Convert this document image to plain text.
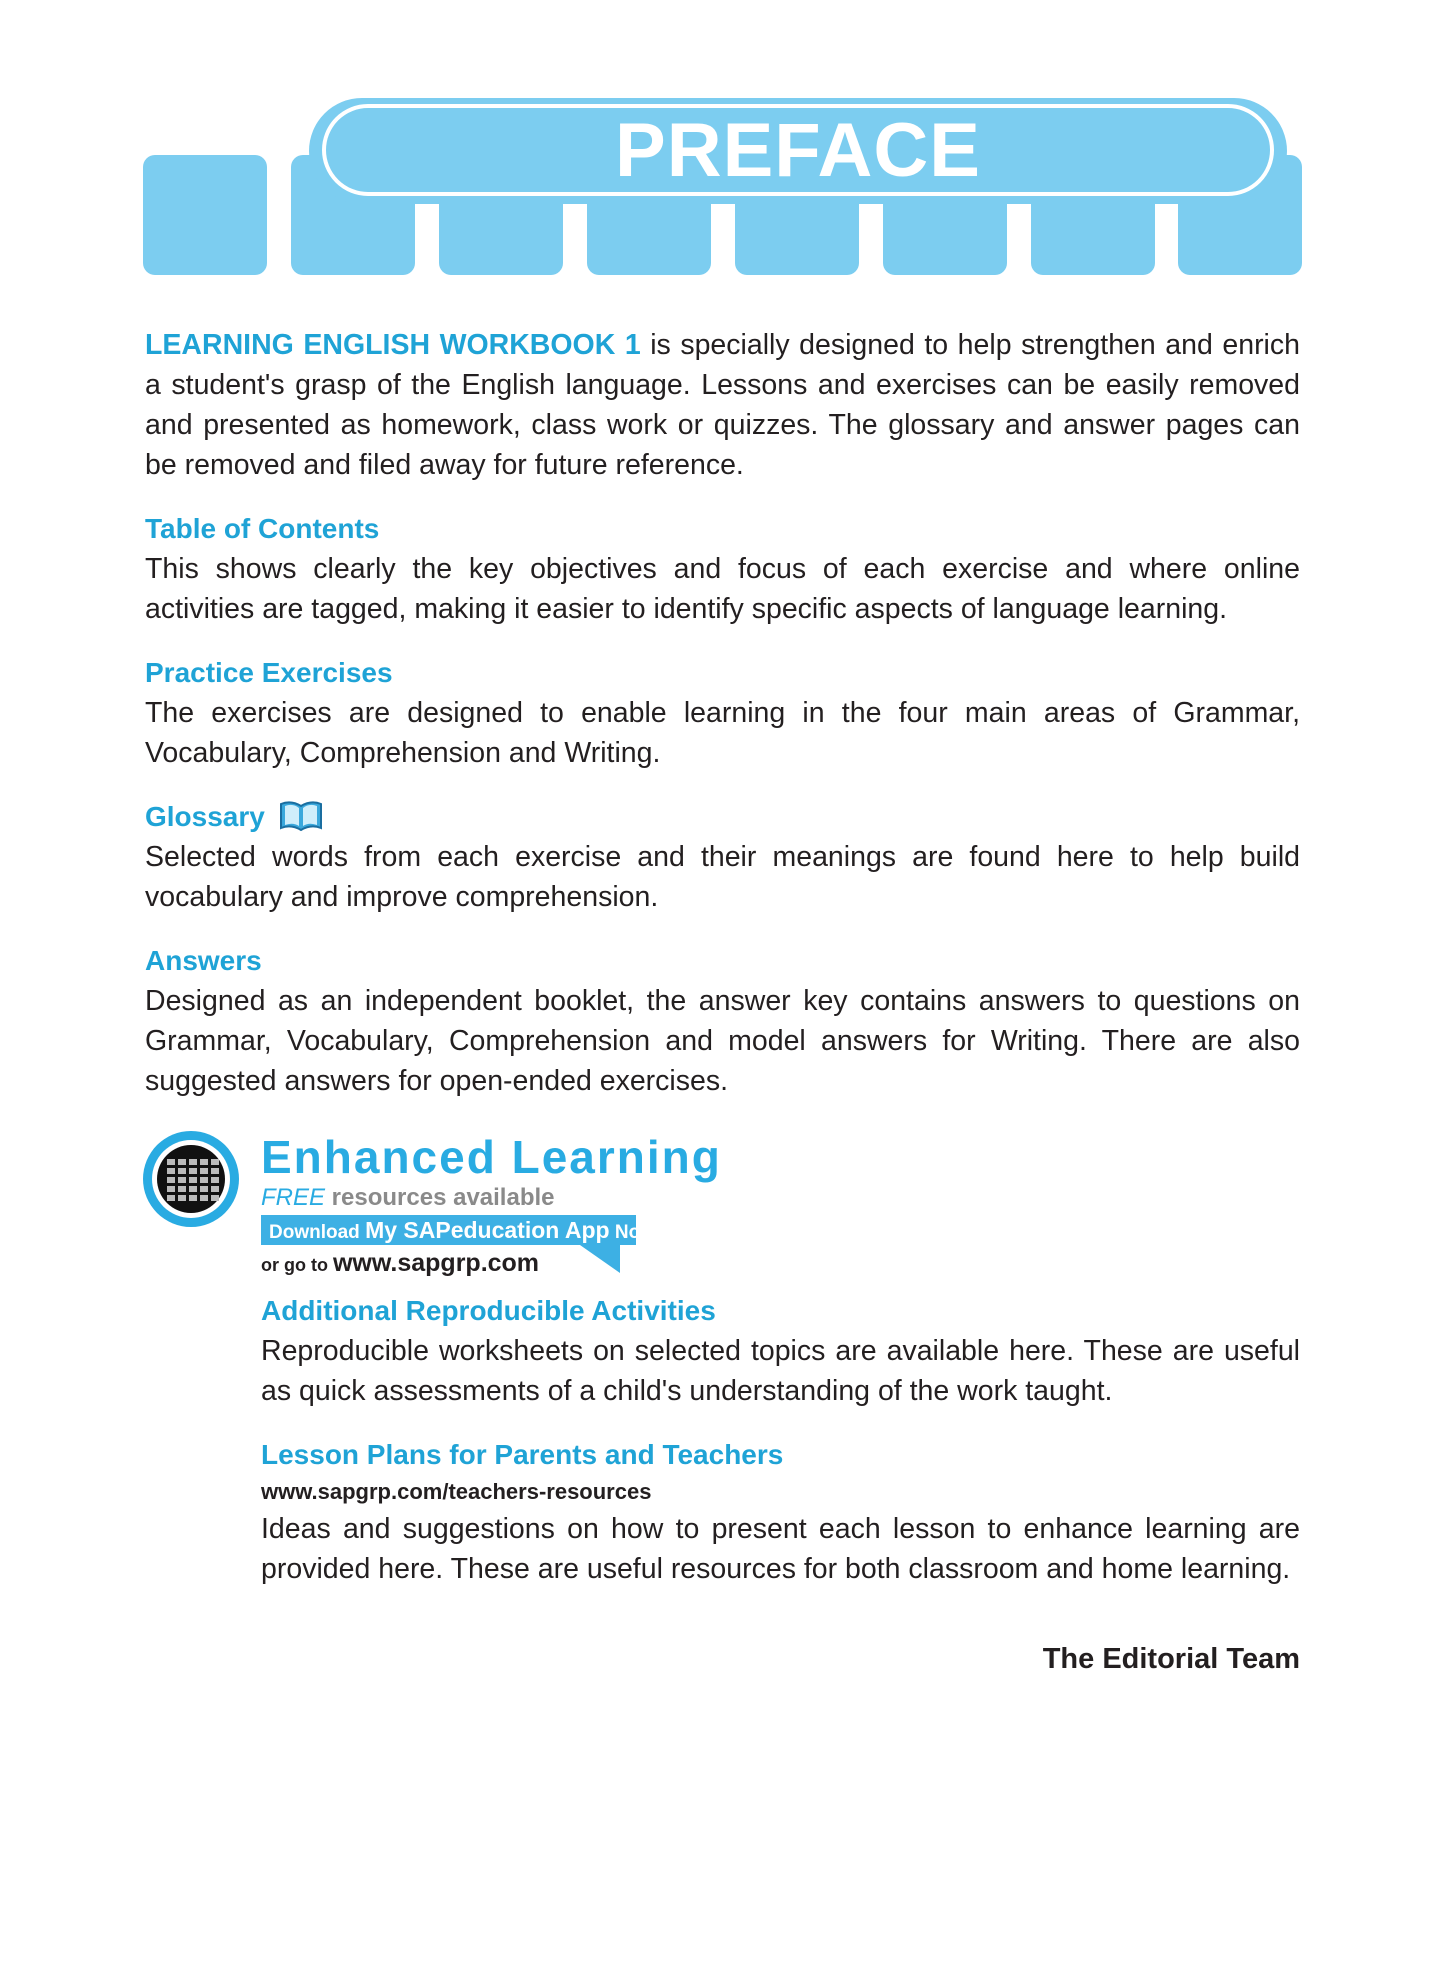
PREFACE

LEARNING ENGLISH WORKBOOK 1 is specially designed to help strengthen and enrich a student's grasp of the English language. Lessons and exercises can be easily removed and presented as homework, class work or quizzes. The glossary and answer pages can be removed and filed away for future reference.

Table of Contents

This shows clearly the key objectives and focus of each exercise and where online activities are tagged, making it easier to identify specific aspects of language learning.

Practice Exercises

The exercises are designed to enable learning in the four main areas of Grammar, Vocabulary, Comprehension and Writing.

Glossary

Selected words from each exercise and their meanings are found here to help build vocabulary and improve comprehension.

Answers

Designed as an independent booklet, the answer key contains answers to questions on Grammar, Vocabulary, Comprehension and model answers for Writing. There are also suggested answers for open-ended exercises.

Enhanced Learning
FREE resources available
Download My SAPeducation App Now!
or go to www.sapgrp.com
Additional Reproducible Activities

Reproducible worksheets on selected topics are available here. These are useful as quick assessments of a child's understanding of the work taught.

Lesson Plans for Parents and Teachers
www.sapgrp.com/teachers-resources

Ideas and suggestions on how to present each lesson to enhance learning are provided here. These are useful resources for both classroom and home learning.

The Editorial Team
